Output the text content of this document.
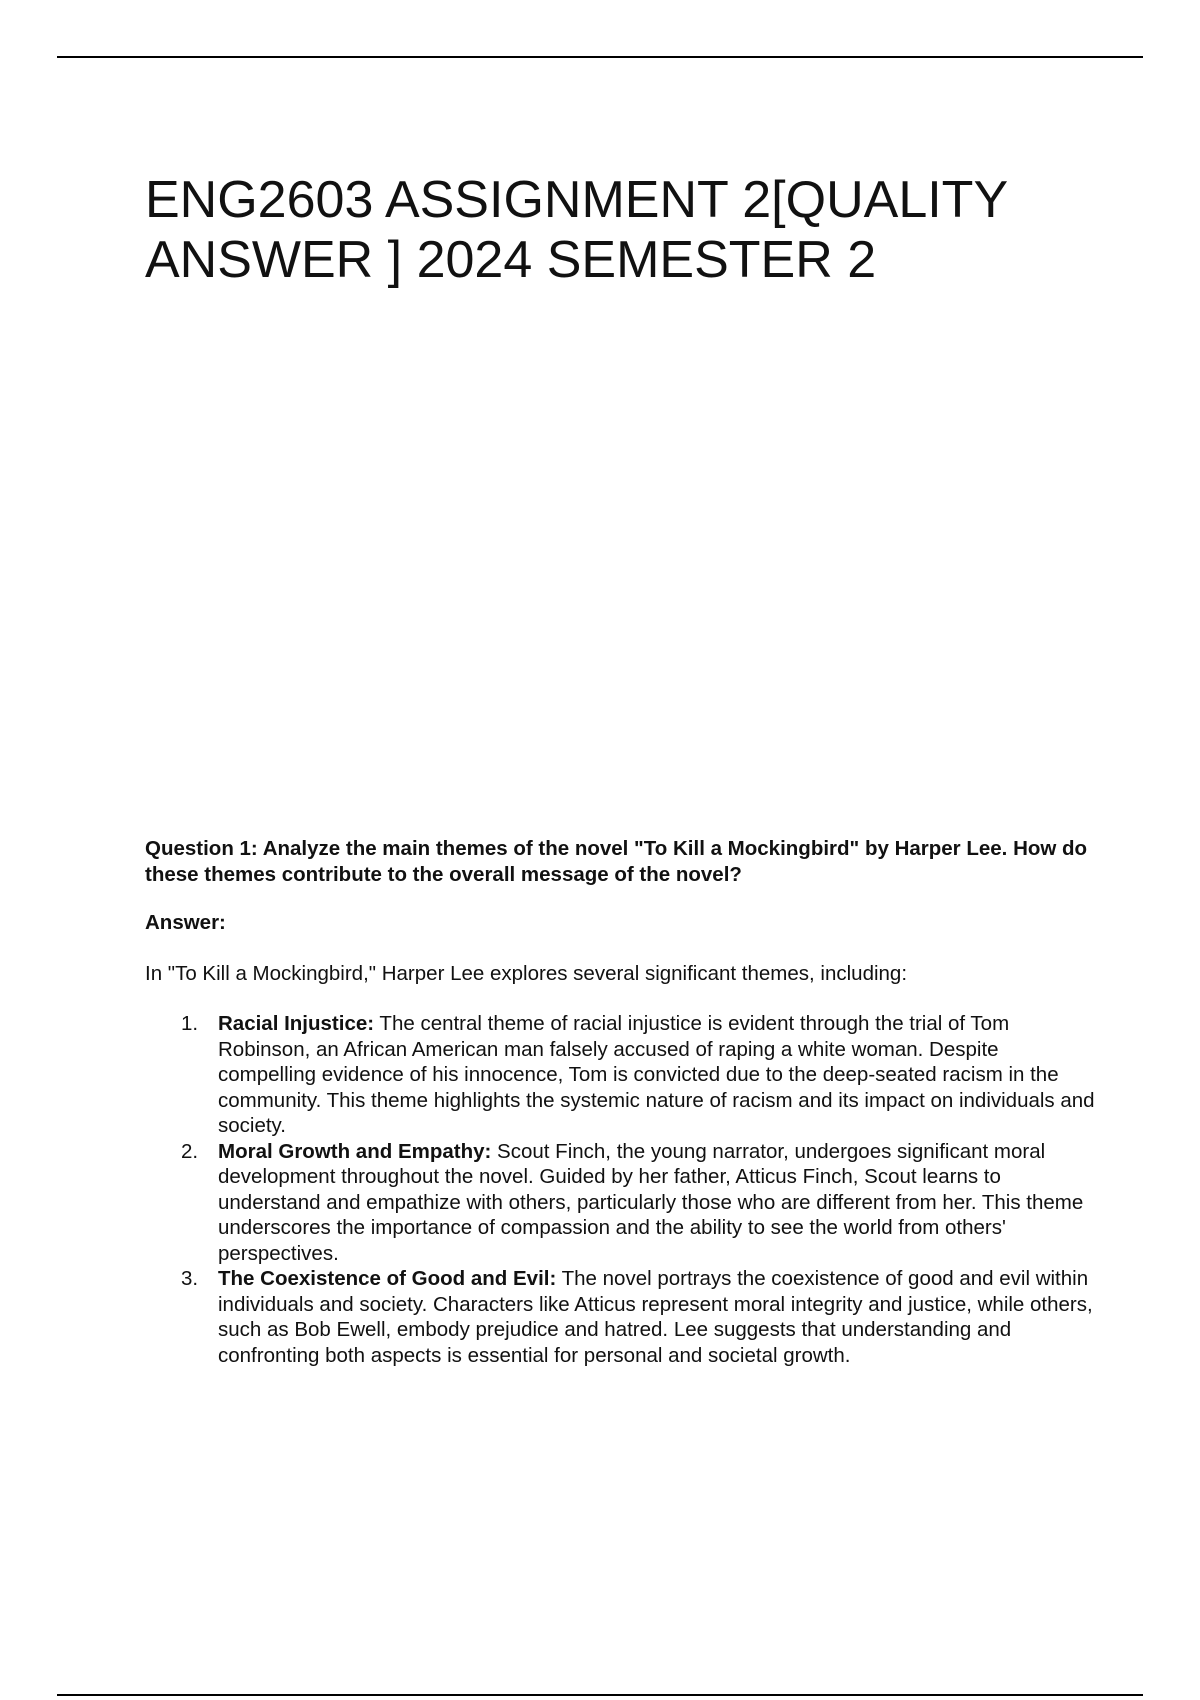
ENG2603 ASSIGNMENT 2[QUALITY ANSWER ] 2024 SEMESTER 2

Question 1: Analyze the main themes of the novel "To Kill a Mockingbird" by Harper Lee. How do these themes contribute to the overall message of the novel?

Answer:

In "To Kill a Mockingbird," Harper Lee explores several significant themes, including:

1. Racial Injustice: The central theme of racial injustice is evident through the trial of Tom Robinson, an African American man falsely accused of raping a white woman. Despite compelling evidence of his innocence, Tom is convicted due to the deep-seated racism in the community. This theme highlights the systemic nature of racism and its impact on individuals and society.
2. Moral Growth and Empathy: Scout Finch, the young narrator, undergoes significant moral development throughout the novel. Guided by her father, Atticus Finch, Scout learns to understand and empathize with others, particularly those who are different from her. This theme underscores the importance of compassion and the ability to see the world from others' perspectives.
3. The Coexistence of Good and Evil: The novel portrays the coexistence of good and evil within individuals and society. Characters like Atticus represent moral integrity and justice, while others, such as Bob Ewell, embody prejudice and hatred. Lee suggests that understanding and confronting both aspects is essential for personal and societal growth.
